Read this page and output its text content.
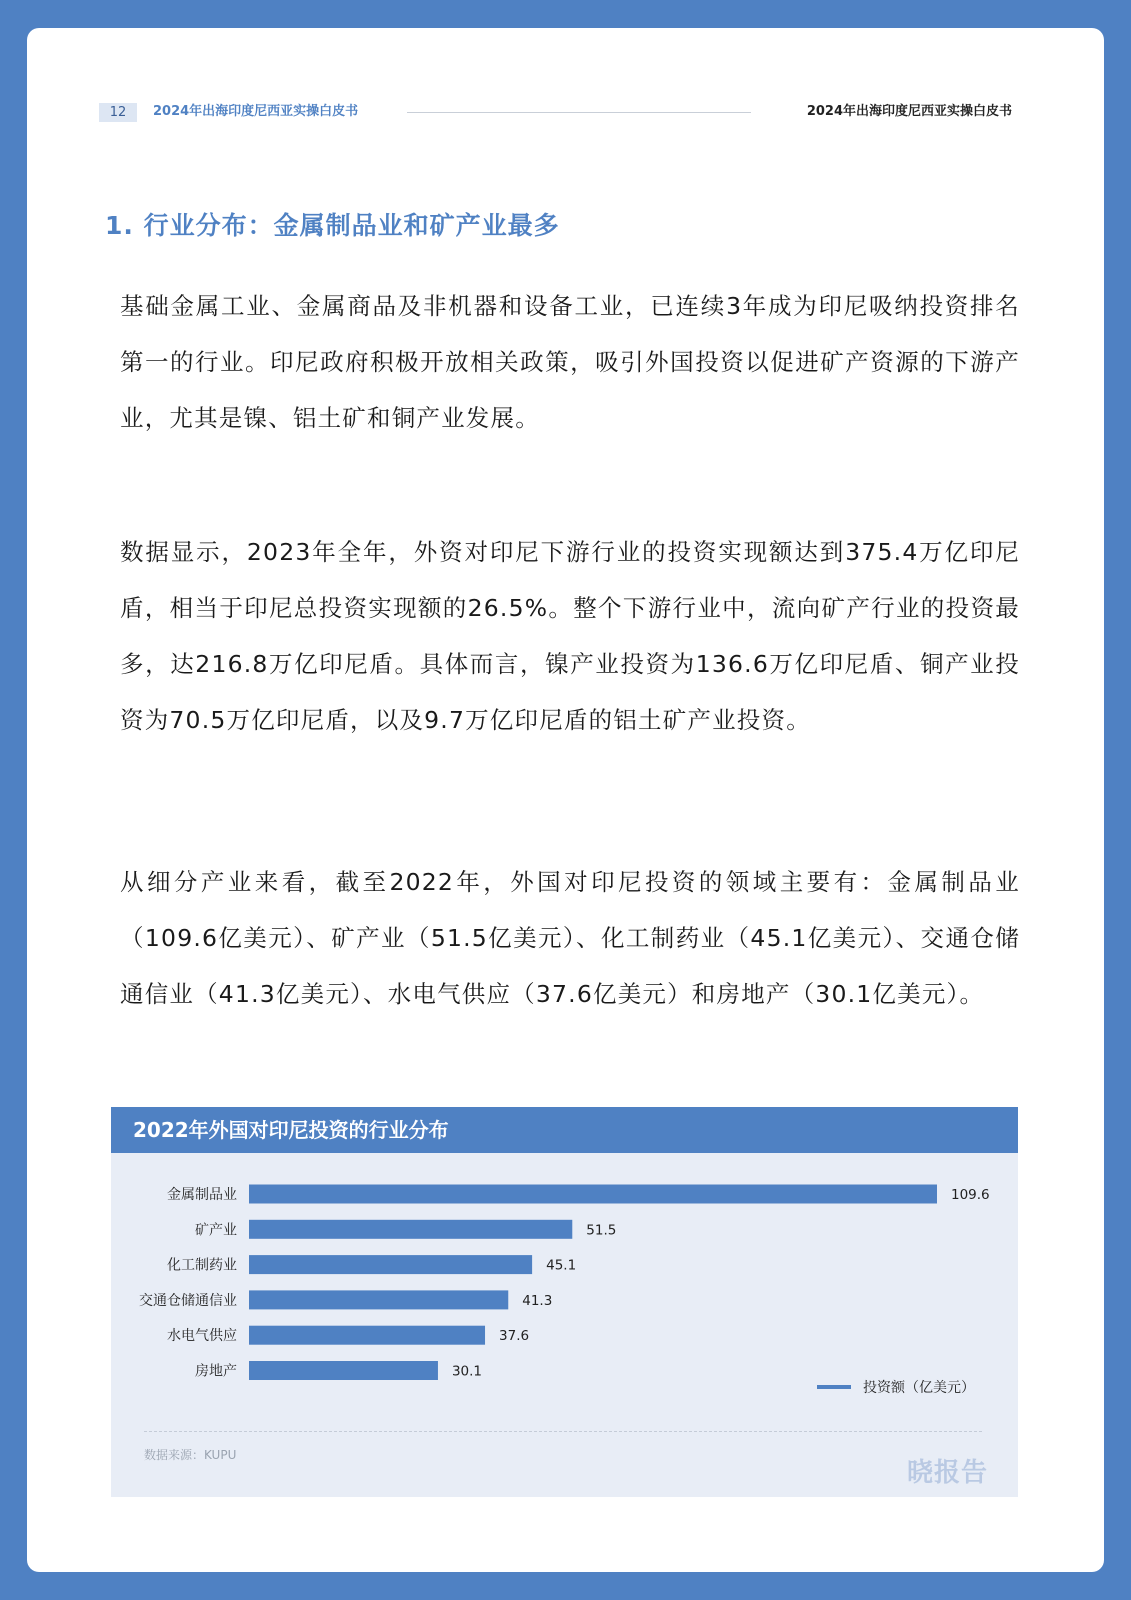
12	2024年出海印度尼西亚实操白皮书	2024年出海印度尼西亚实操白皮书
1. 行业分布：金属制品业和矿产业最多

基础金属工业、金属商品及非机器和设备工业，已连续3年成为印尼吸纳投资排名第一的行业。印尼政府积极开放相关政策，吸引外国投资以促进矿产资源的下游产业，尤其是镍、铝土矿和铜产业发展。

数据显示，2023年全年，外资对印尼下游行业的投资实现额达到375.4万亿印尼盾，相当于印尼总投资实现额的26.5%。整个下游行业中，流向矿产行业的投资最多，达216.8万亿印尼盾。具体而言，镍产业投资为136.6万亿印尼盾、铜产业投资为70.5万亿印尼盾，以及9.7万亿印尼盾的铝土矿产业投资。

从细分产业来看，截至2022年，外国对印尼投资的领域主要有：金属制品业（109.6亿美元）、矿产业（51.5亿美元）、化工制药业（45.1亿美元）、交通仓储通信业（41.3亿美元）、水电气供应（37.6亿美元）和房地产（30.1亿美元）。

2022年外国对印尼投资的行业分布
金属制品业	109.6
矿产业	51.5
化工制药业	45.1
交通仓储通信业	41.3
水电气供应	37.6
房地产	30.1
投资额（亿美元）
数据来源：KUPU
晓报告
